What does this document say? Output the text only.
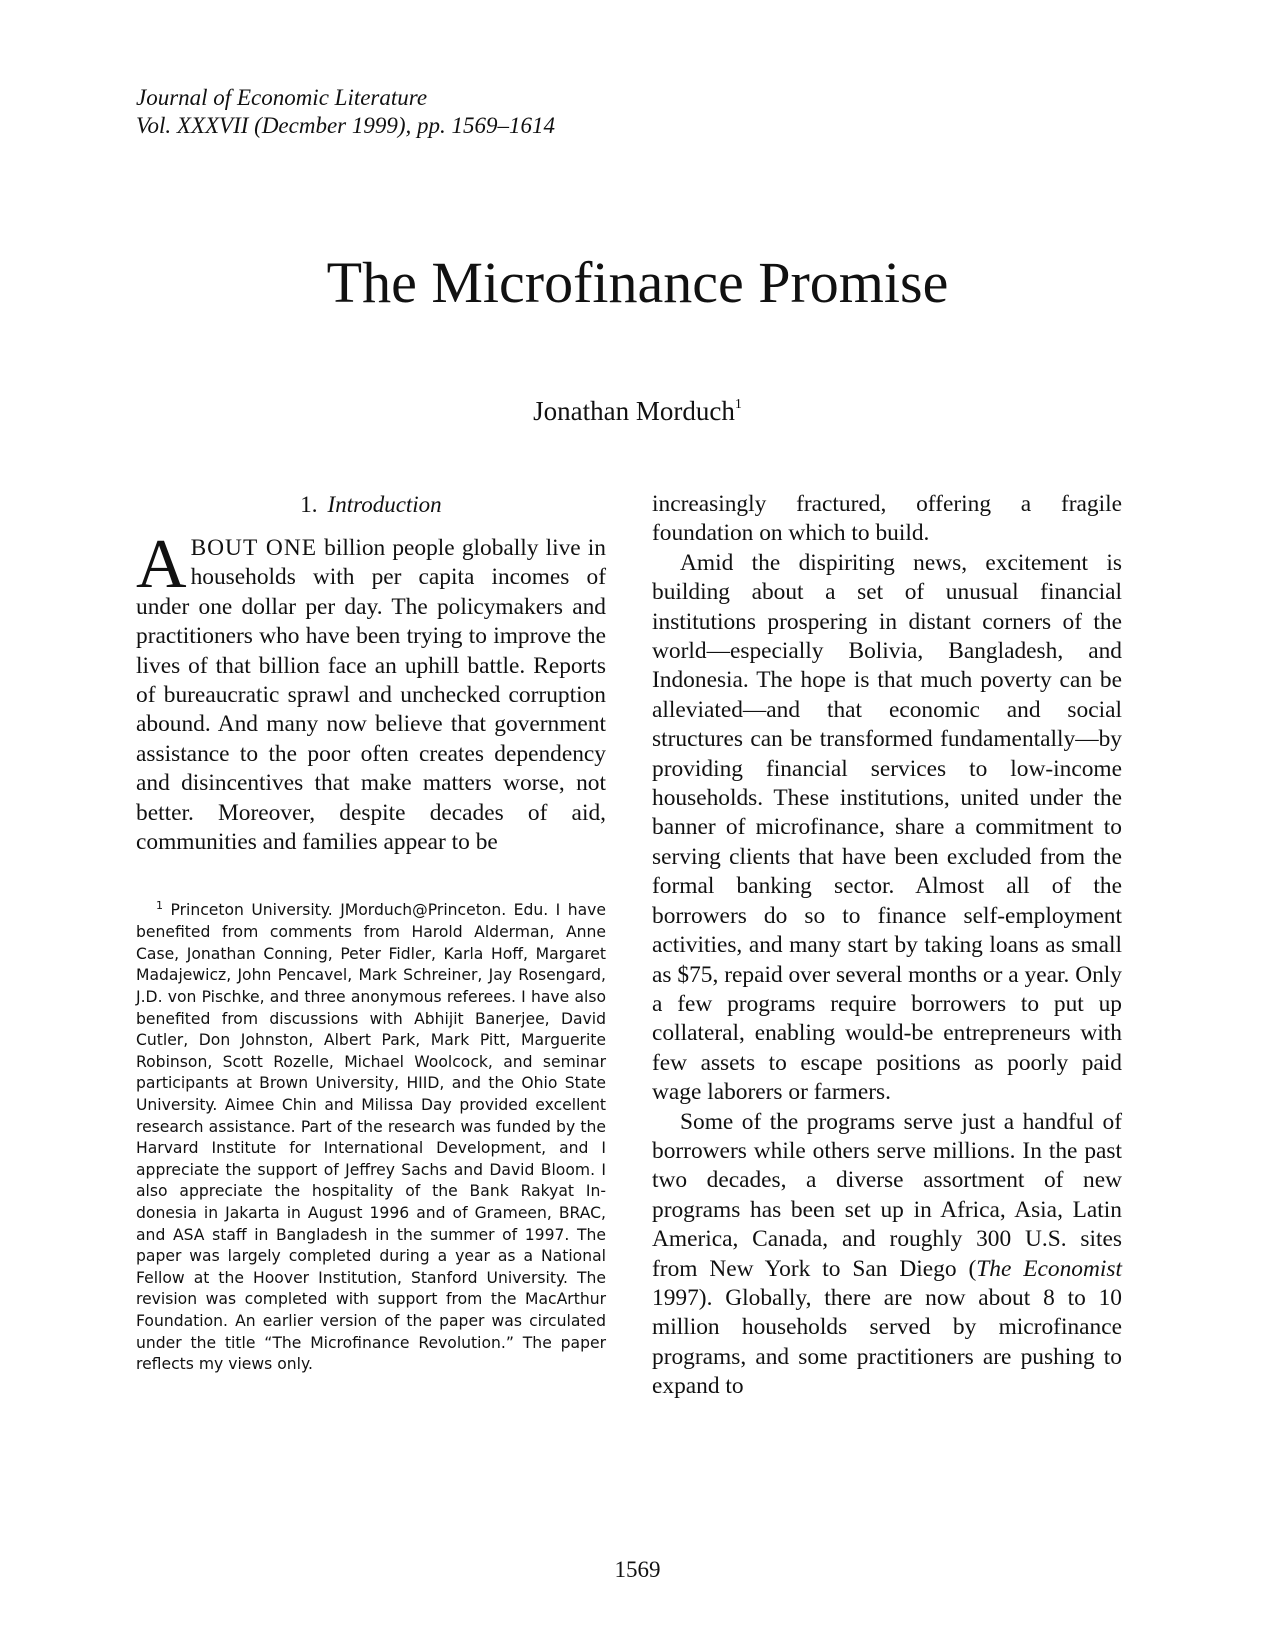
Journal of Economic Literature
Vol. XXXVII (Decmber 1999), pp. 1569–1614
The Microfinance Promise
Jonathan Morduch$^1$
1. Introduction

ABOUT ONE billion people globally live in households with per capita incomes of under one dollar per day. The policymakers and practitioners who have been trying to improve the lives of that billion face an uphill battle. Reports of bureaucratic sprawl and unchecked corruption abound. And many now believe that government assistance to the poor often creates dependency and disincentives that make matters worse, not better. Moreover, despite decades of aid, communities and families appear to be

$^1$ Princeton University. JMorduch@Princeton. Edu. I have benefited from comments from Harold Alderman, Anne Case, Jonathan Conning, Peter Fidler, Karla Hoff, Margaret Madajewicz, John Pencavel, Mark Schreiner, Jay Rosengard, J.D. von Pischke, and three anonymous referees. I have also benefited from discussions with Abhijit Banerjee, David Cutler, Don Johnston, Albert Park, Mark Pitt, Marguerite Robinson, Scott Rozelle, Michael Woolcock, and seminar participants at Brown University, HIID, and the Ohio State University. Aimee Chin and Milissa Day provided excellent research assistance. Part of the research was funded by the Harvard Institute for International Development, and I appreciate the support of Jeffrey Sachs and David Bloom. I also appreciate the hospitality of the Bank Rakyat Indonesia in Jakarta in August 1996 and of Grameen, BRAC, and ASA staff in Bangladesh in the summer of 1997. The paper was largely completed during a year as a National Fellow at the Hoover Institution, Stanford University. The revision was completed with support from the MacArthur Foundation. An earlier version of the paper was circulated under the title “The Microfinance Revolution.” The paper reflects my views only.

increasingly fractured, offering a fragile foundation on which to build.

Amid the dispiriting news, excitement is building about a set of unusual financial institutions prospering in distant corners of the world—especially Bolivia, Bangladesh, and Indonesia. The hope is that much poverty can be alleviated—and that economic and social structures can be transformed fundamentally—by providing financial services to low-income households. These institutions, united under the banner of microfinance, share a commitment to serving clients that have been excluded from the formal banking sector. Almost all of the borrowers do so to finance self-employment activities, and many start by taking loans as small as $75, repaid over several months or a year. Only a few programs require borrowers to put up collateral, enabling would-be entrepreneurs with few assets to escape positions as poorly paid wage laborers or farmers.

Some of the programs serve just a handful of borrowers while others serve millions. In the past two decades, a diverse assortment of new programs has been set up in Africa, Asia, Latin America, Canada, and roughly 300 U.S. sites from New York to San Diego (The Economist 1997). Globally, there are now about 8 to 10 million households served by microfinance programs, and some practitioners are pushing to expand to

1569
